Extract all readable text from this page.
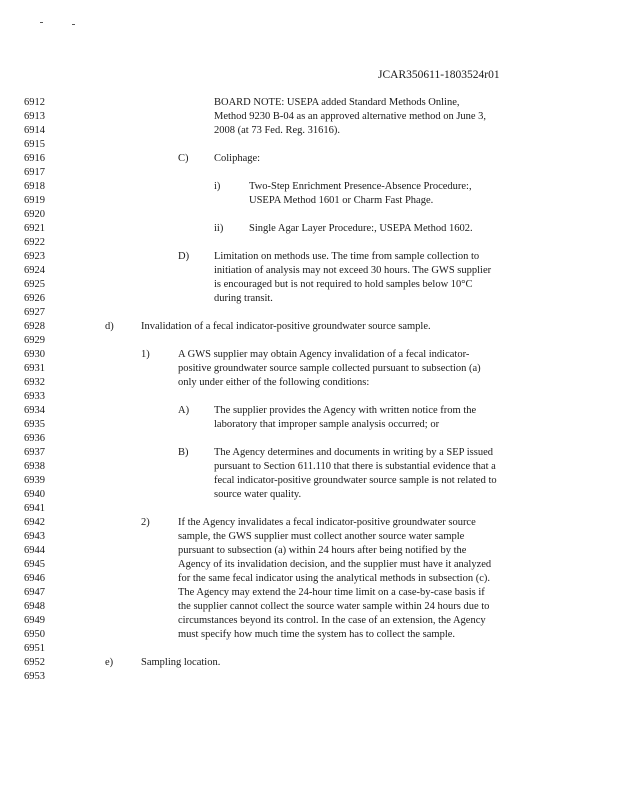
JCAR350611-1803524r01
6912
6913
6914
6915
6916
6917
6918
6919
6920
6921
6922
6923
6924
6925
6926
6927
6928
6929
6930
6931
6932
6933
6934
6935
6936
6937
6938
6939
6940
6941
6942
6943
6944
6945
6946
6947
6948
6949
6950
6951
6952
6953
BOARD NOTE: USEPA added Standard Methods Online,
Method 9230 B-04 as an approved alternative method on June 3,
2008 (at 73 Fed. Reg. 31616).
C) Coliphage:
i)	Two-Step Enrichment Presence-Absence Procedure:,
USEPA Method 1601 or Charm Fast Phage.
ii) Single Agar Layer Procedure:, USEPA Method 1602.
D) Limitation on methods use. The time from sample collection to
initiation of analysis may not exceed 30 hours. The GWS supplier
is encouraged but is not required to hold samples below 10°C
during transit.
d)	Invalidation of a fecal indicator-positive groundwater source sample.
1)	A GWS supplier may obtain Agency invalidation of a fecal indicator-
positive groundwater source sample collected pursuant to subsection (a)
only under either of the following conditions:
A) The supplier provides the Agency with written notice from the
laboratory that improper sample analysis occurred; or
B) The Agency determines and documents in writing by a SEP issued
pursuant to Section 611.110 that there is substantial evidence that a
fecal indicator-positive groundwater source sample is not related to
source water quality.
2)	If the Agency invalidates a fecal indicator-positive groundwater source
sample, the GWS supplier must collect another source water sample
pursuant to subsection (a) within 24 hours after being notified by the
Agency of its invalidation decision, and the supplier must have it analyzed
for the same fecal indicator using the analytical methods in subsection (c).
The Agency may extend the 24-hour time limit on a case-by-case basis if
the supplier cannot collect the source water sample within 24 hours due to
circumstances beyond its control. In the case of an extension, the Agency
must specify how much time the system has to collect the sample.
e)	Sampling location.
